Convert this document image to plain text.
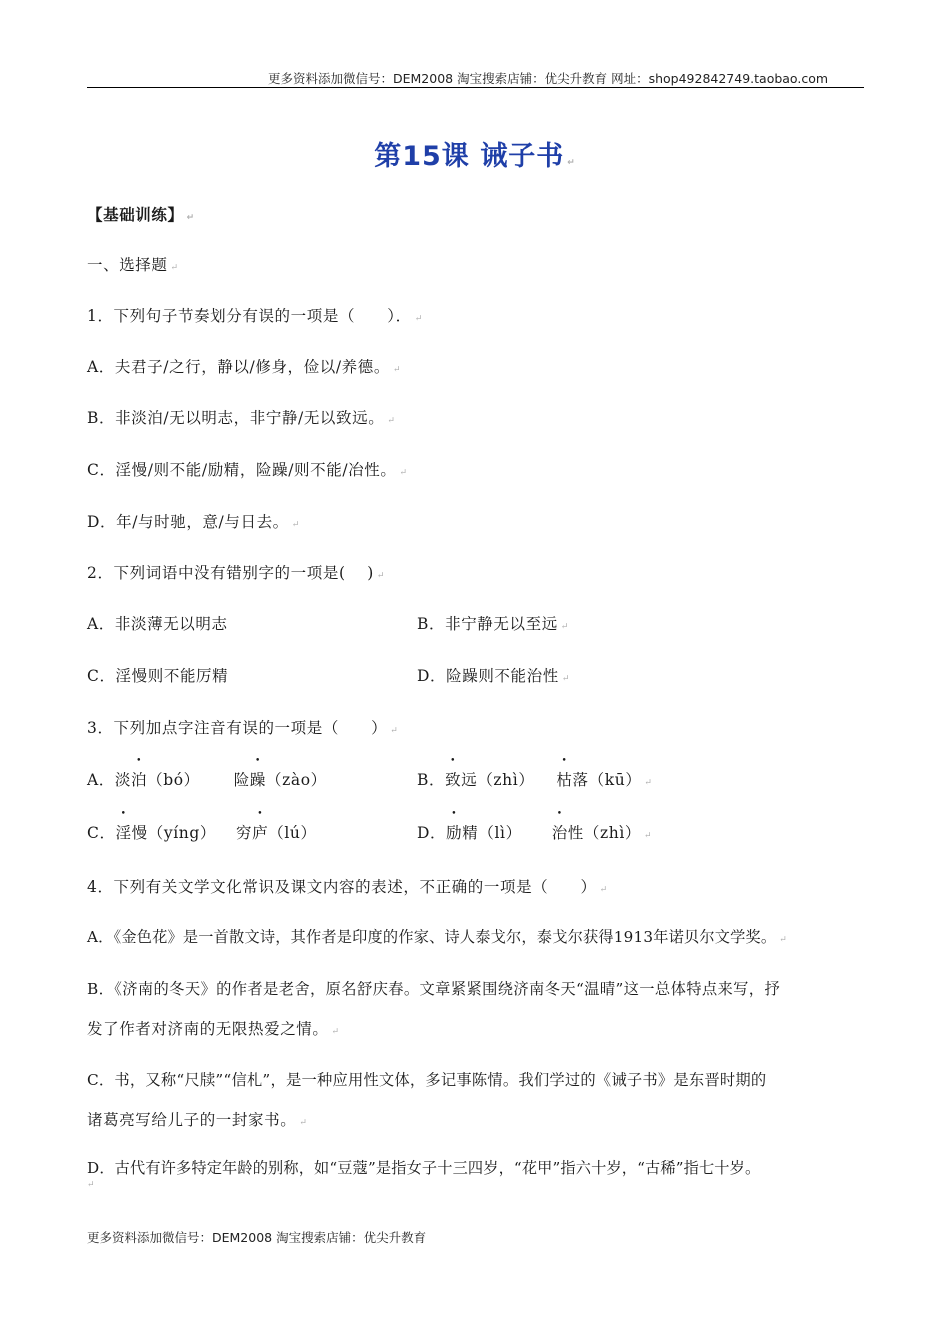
更多资料添加微信号：DEM2008 淘宝搜索店铺：优尖升教育 网址：shop492842749.taobao.com
第15课 诫子书 ↵
【基础训练】 ↵
一、选择题 ↵
1．下列句子节奏划分有误的一项是（　　）． ↵
A．夫君子/之行，静以/修身，俭以/养德。 ↵
B．非淡泊/无以明志，非宁静/无以致远。 ↵
C．淫慢/则不能/励精，险躁/则不能/冶性。 ↵
D．年/与时驰，意/与日去。 ↵
2．下列词语中没有错别字的一项是(　 ) ↵
A．非淡薄无以明志	B．非宁静无以至远 ↵
C．淫慢则不能厉精	D．险躁则不能治性 ↵
3．下列加点字注音有误的一项是（　　） ↵
A．淡泊（bó） 险躁（zào）	B．致远（zhì） 枯落（kū） ↵
C．淫慢（yíng） 穷庐（lú）	D．励精（lì） 治性（zhì） ↵
4．下列有关文学文化常识及课文内容的表述，不正确的一项是（　　） ↵
A．《金色花》是一首散文诗，其作者是印度的作家、诗人泰戈尔，泰戈尔获得1913年诺贝尔文学奖。 ↵
B．《济南的冬天》的作者是老舍，原名舒庆春。文章紧紧围绕济南冬天“温晴”这一总体特点来写，抒
发了作者对济南的无限热爱之情。 ↵
C．书，又称“尺牍”“信札”，是一种应用性文体，多记事陈情。我们学过的《诫子书》是东晋时期的
诸葛亮写给儿子的一封家书。 ↵
D．古代有许多特定年龄的别称，如“豆蔻”是指女子十三四岁，“花甲”指六十岁，“古稀”指七十岁。
↵
更多资料添加微信号：DEM2008 淘宝搜索店铺：优尖升教育
